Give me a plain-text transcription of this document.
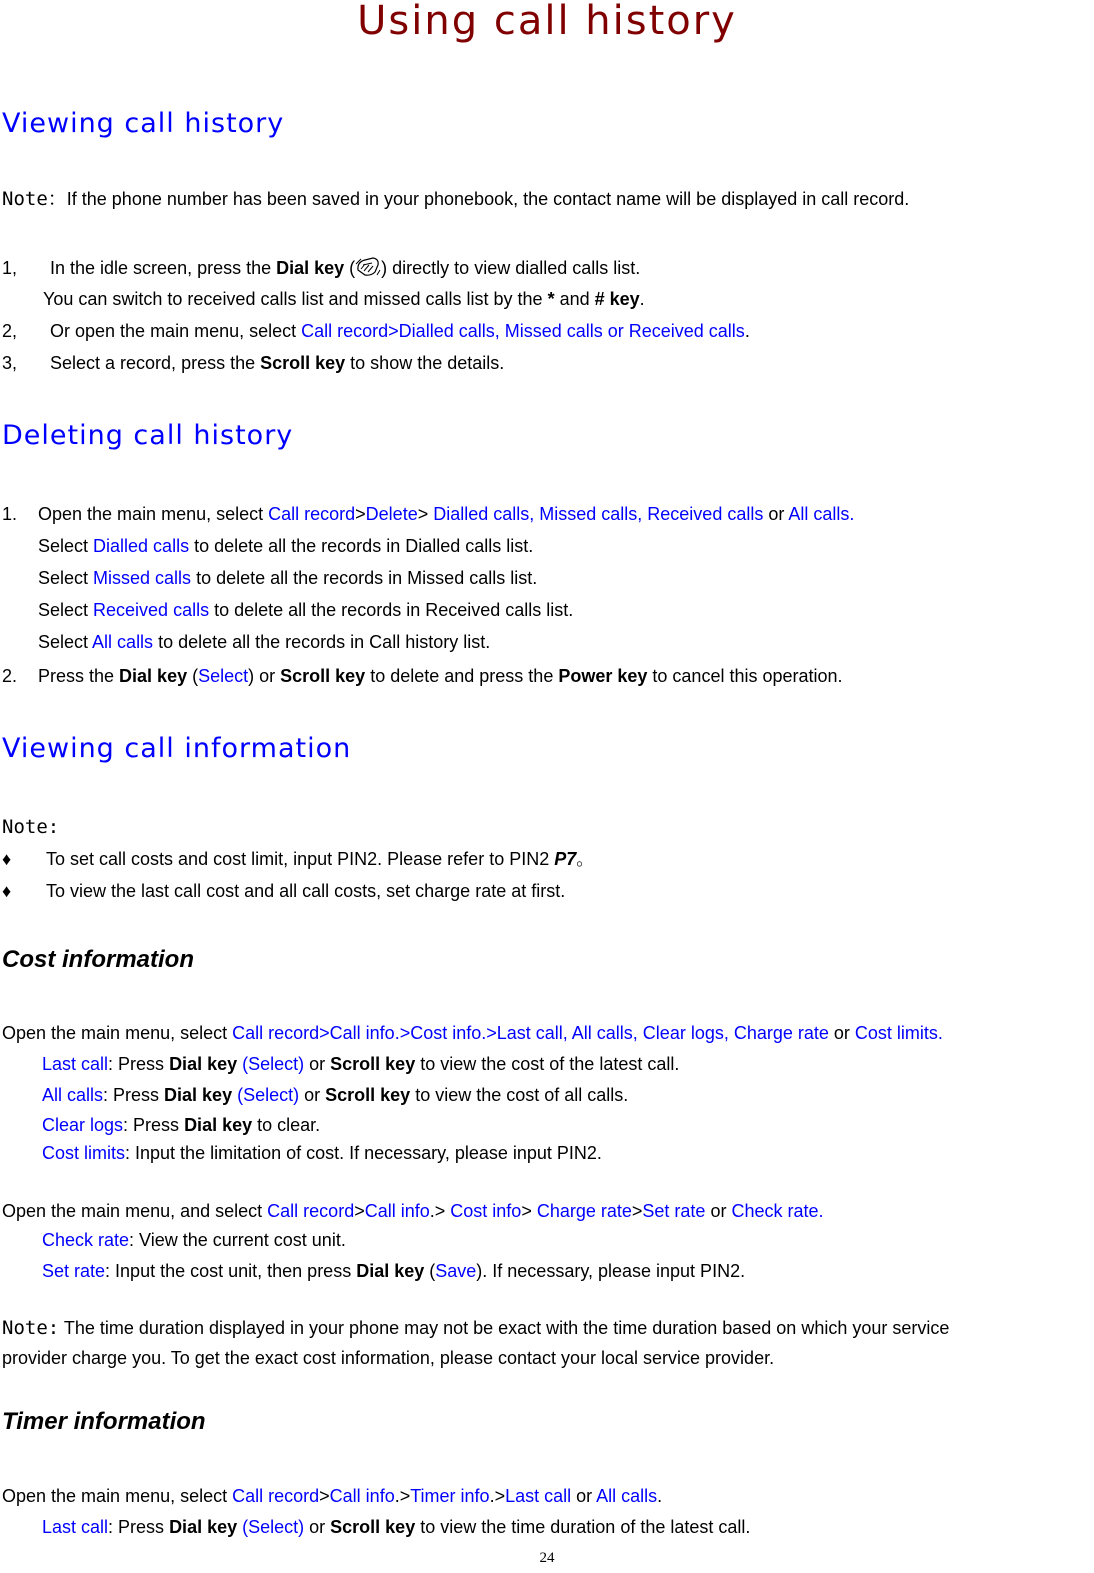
Using call history
Viewing call history
Note：If the phone number has been saved in your phonebook, the contact name will be displayed in call record.
1, In the idle screen, press the Dial key ( ) directly to view dialled calls list.
You can switch to received calls list and missed calls list by the * and # key.
2, Or open the main menu, select Call record>Dialled calls, Missed calls or Received calls.
3, Select a record, press the Scroll key to show the details.
Deleting call history
1. Open the main menu, select Call record>Delete> Dialled calls, Missed calls, Received calls or All calls.
Select Dialled calls to delete all the records in Dialled calls list.
Select Missed calls to delete all the records in Missed calls list.
Select Received calls to delete all the records in Received calls list.
Select All calls to delete all the records in Call history list.
2. Press the Dial key (Select) or Scroll key to delete and press the Power key to cancel this operation.
Viewing call information
Note:
♦ To set call costs and cost limit, input PIN2. Please refer to PIN2 P7。
♦ To view the last call cost and all call costs, set charge rate at first.
Cost information
Open the main menu, select Call record>Call info.>Cost info.>Last call, All calls, Clear logs, Charge rate or Cost limits.
Last call: Press Dial key (Select) or Scroll key to view the cost of the latest call.
All calls: Press Dial key (Select) or Scroll key to view the cost of all calls.
Clear logs: Press Dial key to clear.
Cost limits: Input the limitation of cost. If necessary, please input PIN2.
Open the main menu, and select Call record>Call info.> Cost info> Charge rate>Set rate or Check rate.
Check rate: View the current cost unit.
Set rate: Input the cost unit, then press Dial key (Save). If necessary, please input PIN2.
Note: The time duration displayed in your phone may not be exact with the time duration based on which your service
provider charge you. To get the exact cost information, please contact your local service provider.
Timer information
Open the main menu, select Call record>Call info.>Timer info.>Last call or All calls.
Last call: Press Dial key (Select) or Scroll key to view the time duration of the latest call.
24
